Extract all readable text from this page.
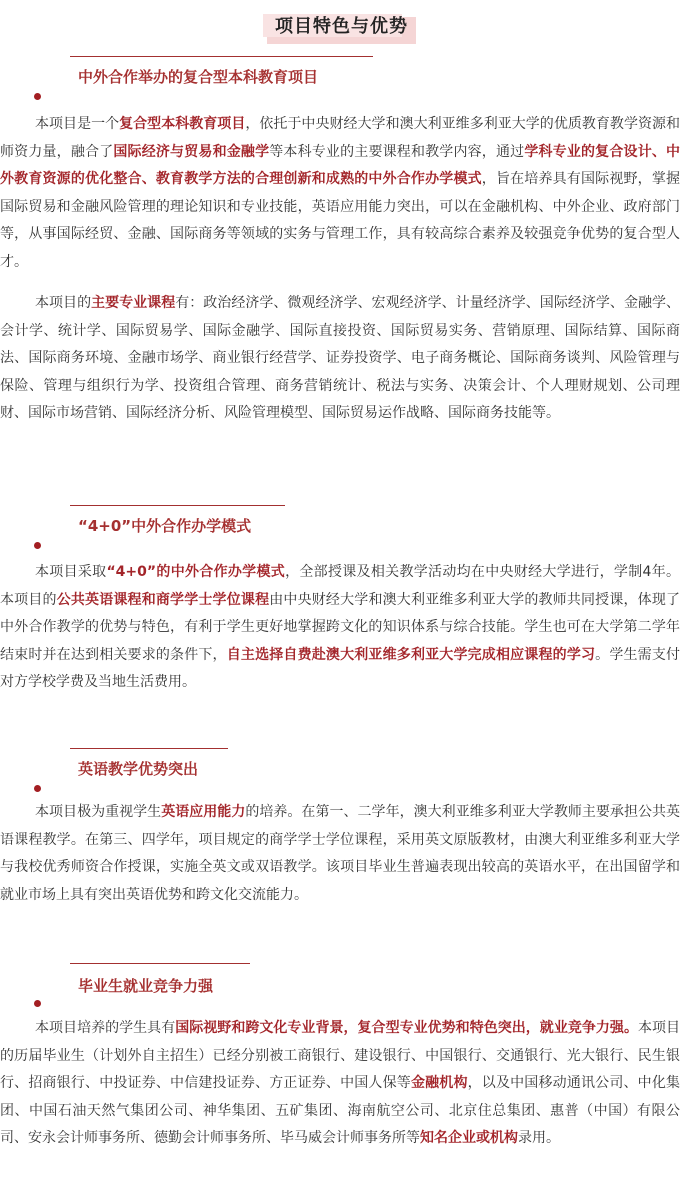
项目特色与优势
中外合作举办的复合型本科教育项目

本项目是一个复合型本科教育项目，依托于中央财经大学和澳大利亚维多利亚大学的优质教育教学资源和师资力量，融合了国际经济与贸易和金融学等本科专业的主要课程和教学内容，通过学科专业的复合设计、中外教育资源的优化整合、教育教学方法的合理创新和成熟的中外合作办学模式，旨在培养具有国际视野，掌握国际贸易和金融风险管理的理论知识和专业技能，英语应用能力突出，可以在金融机构、中外企业、政府部门等，从事国际经贸、金融、国际商务等领域的实务与管理工作，具有较高综合素养及较强竞争优势的复合型人才。

本项目的主要专业课程有：政治经济学、微观经济学、宏观经济学、计量经济学、国际经济学、金融学、会计学、统计学、国际贸易学、国际金融学、国际直接投资、国际贸易实务、营销原理、国际结算、国际商法、国际商务环境、金融市场学、商业银行经营学、证券投资学、电子商务概论、国际商务谈判、风险管理与保险、管理与组织行为学、投资组合管理、商务营销统计、税法与实务、决策会计、个人理财规划、公司理财、国际市场营销、国际经济分析、风险管理模型、国际贸易运作战略、国际商务技能等。

“4+0”中外合作办学模式

本项目采取“4+0”的中外合作办学模式，全部授课及相关教学活动均在中央财经大学进行，学制4年。本项目的公共英语课程和商学学士学位课程由中央财经大学和澳大利亚维多利亚大学的教师共同授课，体现了中外合作教学的优势与特色，有利于学生更好地掌握跨文化的知识体系与综合技能。学生也可在大学第二学年结束时并在达到相关要求的条件下，自主选择自费赴澳大利亚维多利亚大学完成相应课程的学习。学生需支付对方学校学费及当地生活费用。

英语教学优势突出

本项目极为重视学生英语应用能力的培养。在第一、二学年，澳大利亚维多利亚大学教师主要承担公共英语课程教学。在第三、四学年，项目规定的商学学士学位课程，采用英文原版教材，由澳大利亚维多利亚大学与我校优秀师资合作授课，实施全英文或双语教学。该项目毕业生普遍表现出较高的英语水平，在出国留学和就业市场上具有突出英语优势和跨文化交流能力。

毕业生就业竞争力强

本项目培养的学生具有国际视野和跨文化专业背景，复合型专业优势和特色突出，就业竞争力强。本项目的历届毕业生（计划外自主招生）已经分别被工商银行、建设银行、中国银行、交通银行、光大银行、民生银行、招商银行、中投证券、中信建投证券、方正证券、中国人保等金融机构，以及中国移动通讯公司、中化集团、中国石油天然气集团公司、神华集团、五矿集团、海南航空公司、北京住总集团、惠普（中国）有限公司、安永会计师事务所、德勤会计师事务所、毕马威会计师事务所等知名企业或机构录用。
